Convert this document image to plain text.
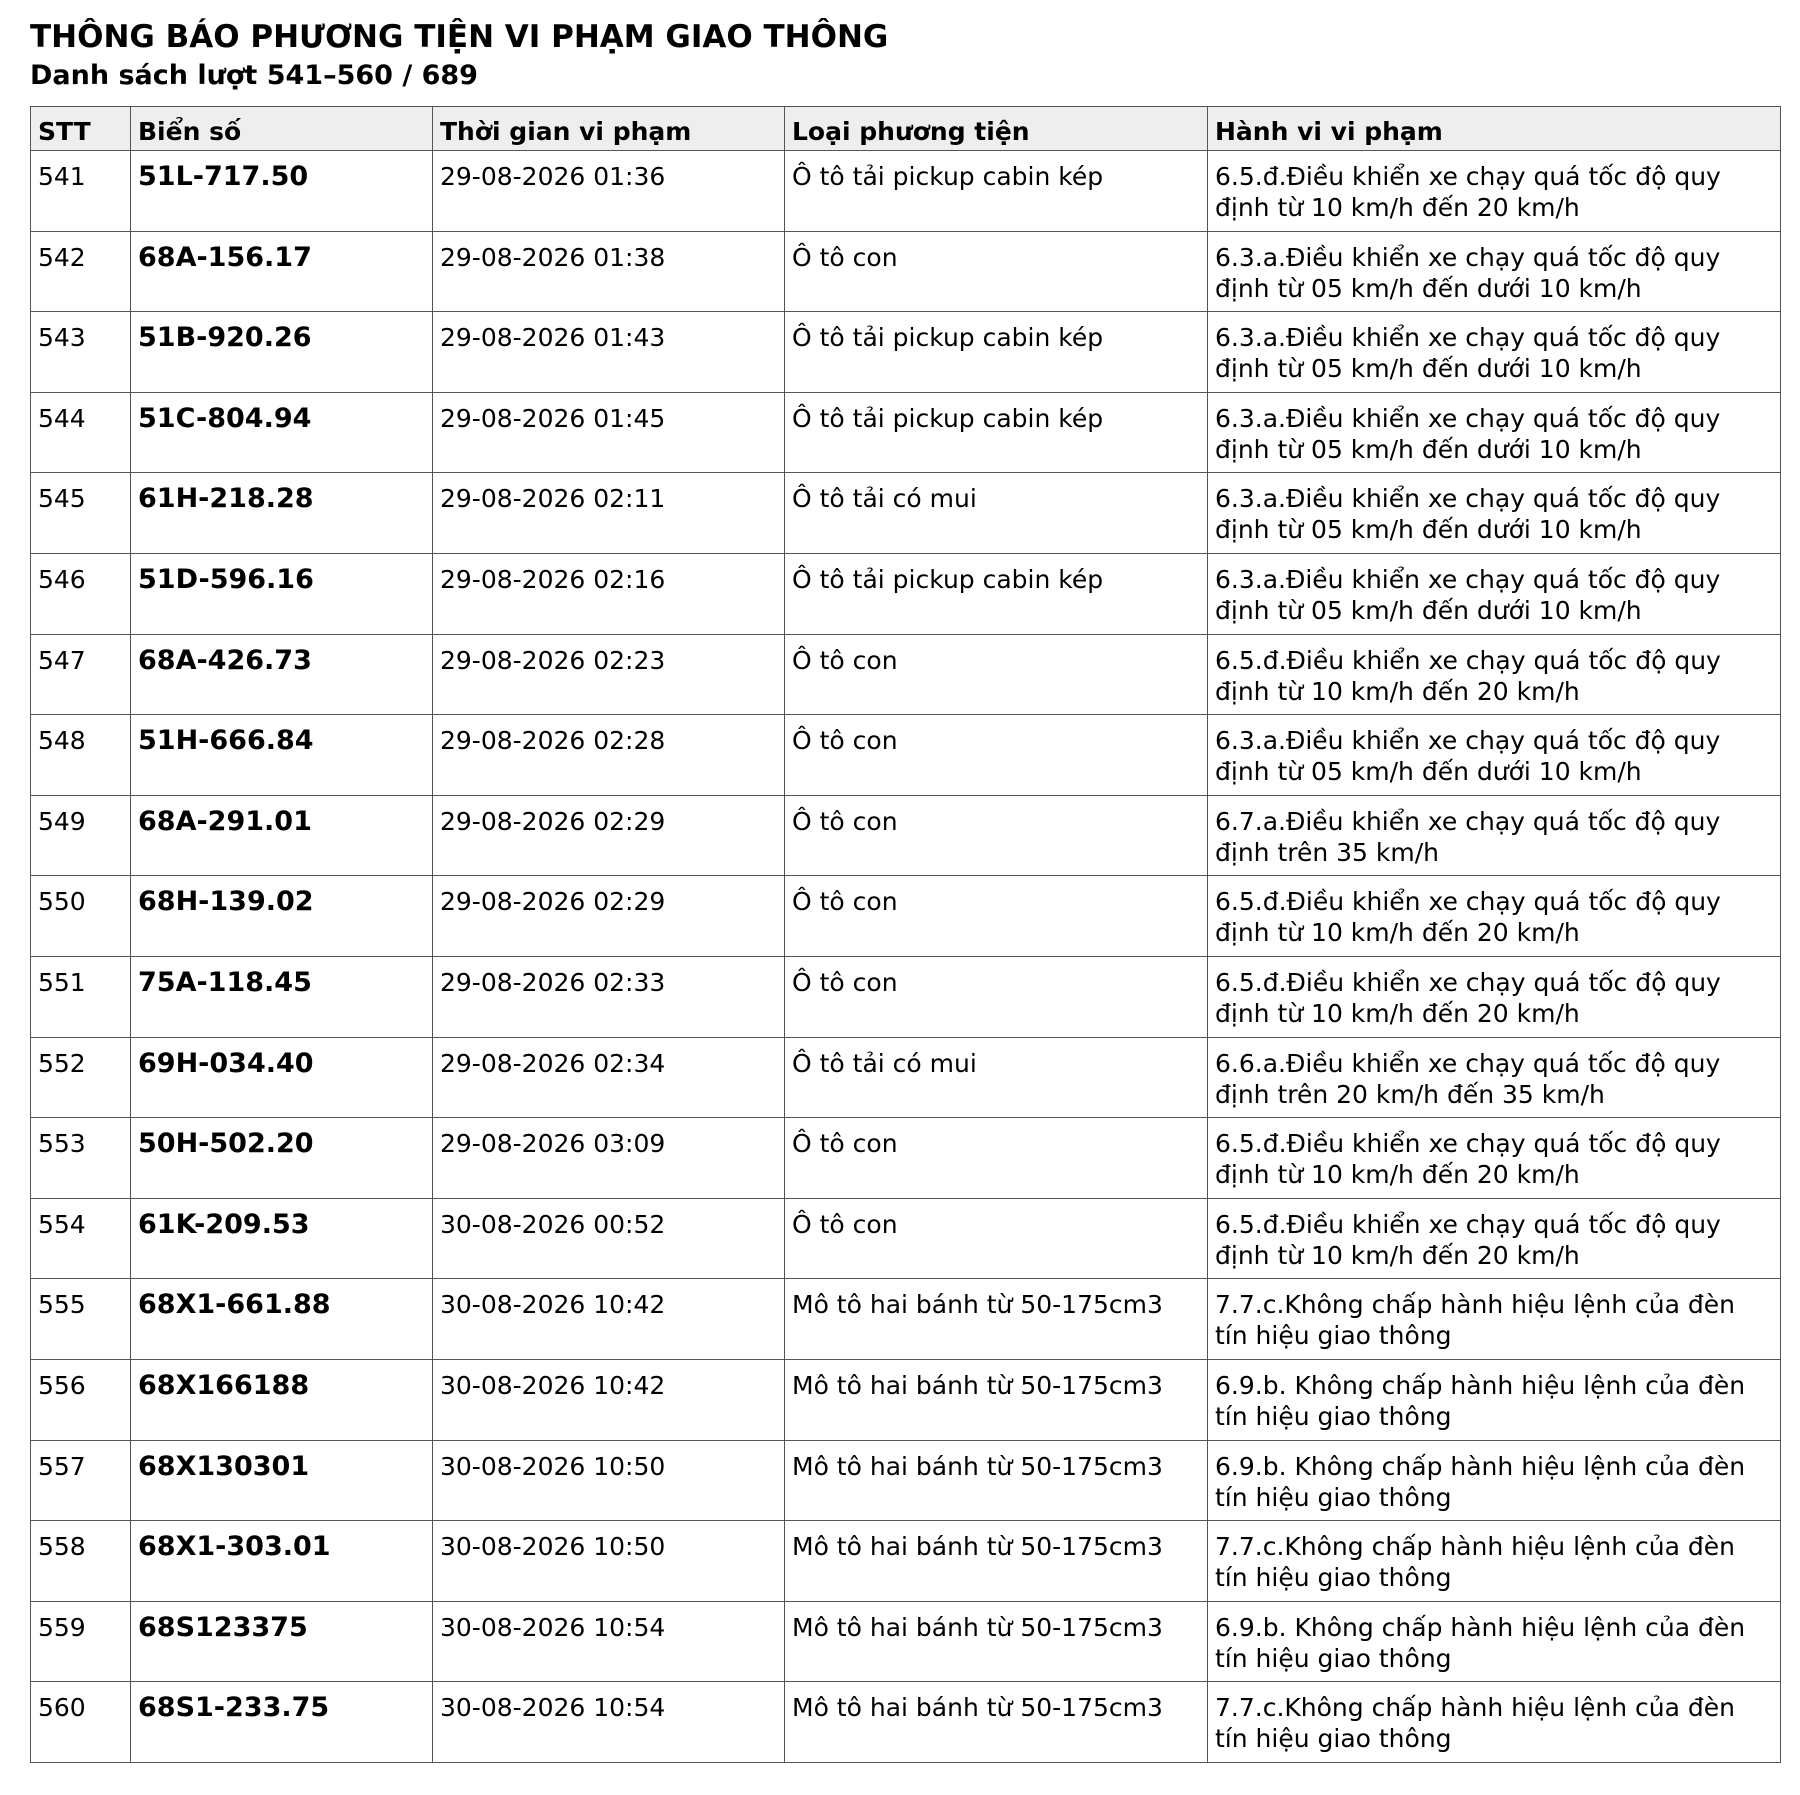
THÔNG BÁO PHƯƠNG TIỆN VI PHẠM GIAO THÔNG
Danh sách lượt 541–560 / 689
STT	Biển số	Thời gian vi phạm	Loại phương tiện	Hành vi vi phạm
541	51L-717.50	29-08-2026 01:36	Ô tô tải pickup cabin kép	6.5.đ.Điều khiển xe chạy quá tốc độ quy định từ 10 km/h đến 20 km/h
542	68A-156.17	29-08-2026 01:38	Ô tô con	6.3.a.Điều khiển xe chạy quá tốc độ quy định từ 05 km/h đến dưới 10 km/h
543	51B-920.26	29-08-2026 01:43	Ô tô tải pickup cabin kép	6.3.a.Điều khiển xe chạy quá tốc độ quy định từ 05 km/h đến dưới 10 km/h
544	51C-804.94	29-08-2026 01:45	Ô tô tải pickup cabin kép	6.3.a.Điều khiển xe chạy quá tốc độ quy định từ 05 km/h đến dưới 10 km/h
545	61H-218.28	29-08-2026 02:11	Ô tô tải có mui	6.3.a.Điều khiển xe chạy quá tốc độ quy định từ 05 km/h đến dưới 10 km/h
546	51D-596.16	29-08-2026 02:16	Ô tô tải pickup cabin kép	6.3.a.Điều khiển xe chạy quá tốc độ quy định từ 05 km/h đến dưới 10 km/h
547	68A-426.73	29-08-2026 02:23	Ô tô con	6.5.đ.Điều khiển xe chạy quá tốc độ quy định từ 10 km/h đến 20 km/h
548	51H-666.84	29-08-2026 02:28	Ô tô con	6.3.a.Điều khiển xe chạy quá tốc độ quy định từ 05 km/h đến dưới 10 km/h
549	68A-291.01	29-08-2026 02:29	Ô tô con	6.7.a.Điều khiển xe chạy quá tốc độ quy định trên 35 km/h
550	68H-139.02	29-08-2026 02:29	Ô tô con	6.5.đ.Điều khiển xe chạy quá tốc độ quy định từ 10 km/h đến 20 km/h
551	75A-118.45	29-08-2026 02:33	Ô tô con	6.5.đ.Điều khiển xe chạy quá tốc độ quy định từ 10 km/h đến 20 km/h
552	69H-034.40	29-08-2026 02:34	Ô tô tải có mui	6.6.a.Điều khiển xe chạy quá tốc độ quy định trên 20 km/h đến 35 km/h
553	50H-502.20	29-08-2026 03:09	Ô tô con	6.5.đ.Điều khiển xe chạy quá tốc độ quy định từ 10 km/h đến 20 km/h
554	61K-209.53	30-08-2026 00:52	Ô tô con	6.5.đ.Điều khiển xe chạy quá tốc độ quy định từ 10 km/h đến 20 km/h
555	68X1-661.88	30-08-2026 10:42	Mô tô hai bánh từ 50-175cm3	7.7.c.Không chấp hành hiệu lệnh của đèn tín hiệu giao thông
556	68X166188	30-08-2026 10:42	Mô tô hai bánh từ 50-175cm3	6.9.b. Không chấp hành hiệu lệnh của đèn tín hiệu giao thông
557	68X130301	30-08-2026 10:50	Mô tô hai bánh từ 50-175cm3	6.9.b. Không chấp hành hiệu lệnh của đèn tín hiệu giao thông
558	68X1-303.01	30-08-2026 10:50	Mô tô hai bánh từ 50-175cm3	7.7.c.Không chấp hành hiệu lệnh của đèn tín hiệu giao thông
559	68S123375	30-08-2026 10:54	Mô tô hai bánh từ 50-175cm3	6.9.b. Không chấp hành hiệu lệnh của đèn tín hiệu giao thông
560	68S1-233.75	30-08-2026 10:54	Mô tô hai bánh từ 50-175cm3	7.7.c.Không chấp hành hiệu lệnh của đèn tín hiệu giao thông
